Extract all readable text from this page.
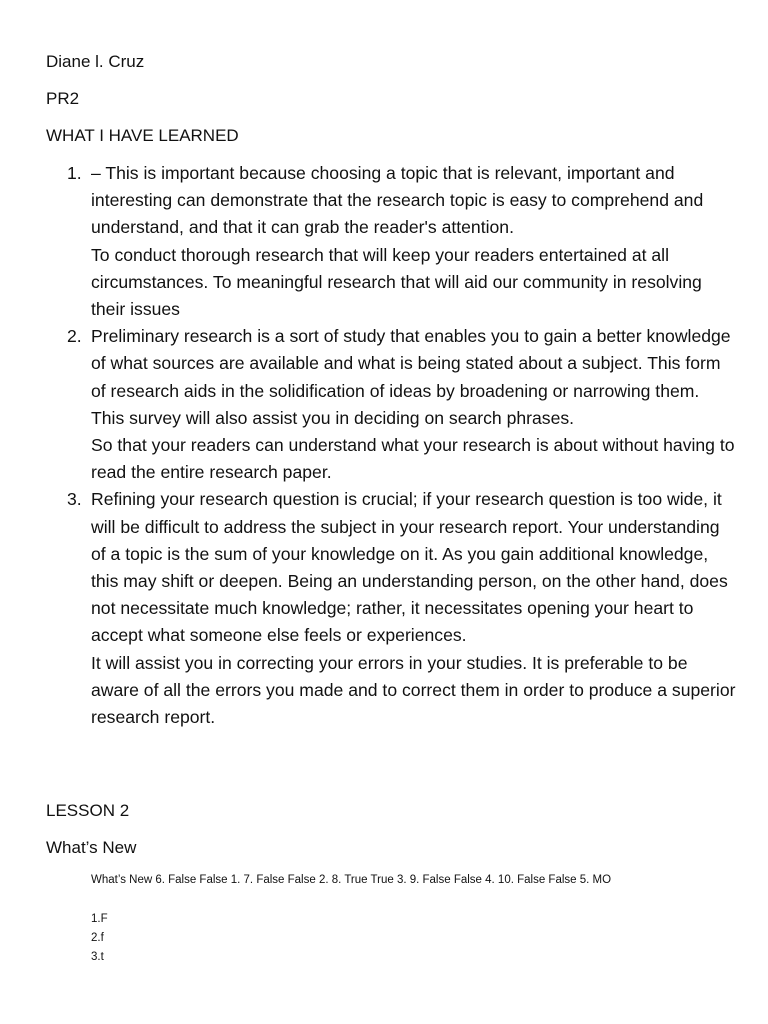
Diane l. Cruz
PR2
WHAT I HAVE LEARNED
1. – This is important because choosing a topic that is relevant, important and interesting can demonstrate that the research topic is easy to comprehend and understand, and that it can grab the reader's attention.

To conduct thorough research that will keep your readers entertained at all circumstances. To meaningful research that will aid our community in resolving their issues

2. Preliminary research is a sort of study that enables you to gain a better knowledge of what sources are available and what is being stated about a subject. This form of research aids in the solidification of ideas by broadening or narrowing them. This survey will also assist you in deciding on search phrases.

So that your readers can understand what your research is about without having to read the entire research paper.

3. Refining your research question is crucial; if your research question is too wide, it will be difficult to address the subject in your research report. Your understanding of a topic is the sum of your knowledge on it. As you gain additional knowledge, this may shift or deepen. Being an understanding person, on the other hand, does not necessitate much knowledge; rather, it necessitates opening your heart to accept what someone else feels or experiences.

It will assist you in correcting your errors in your studies. It is preferable to be aware of all the errors you made and to correct them in order to produce a superior research report.

LESSON 2
What’s New
What’s New 6. False False 1. 7. False False 2. 8. True True 3. 9. False False 4. 10. False False 5. MO
1.F
2.f
3.t
